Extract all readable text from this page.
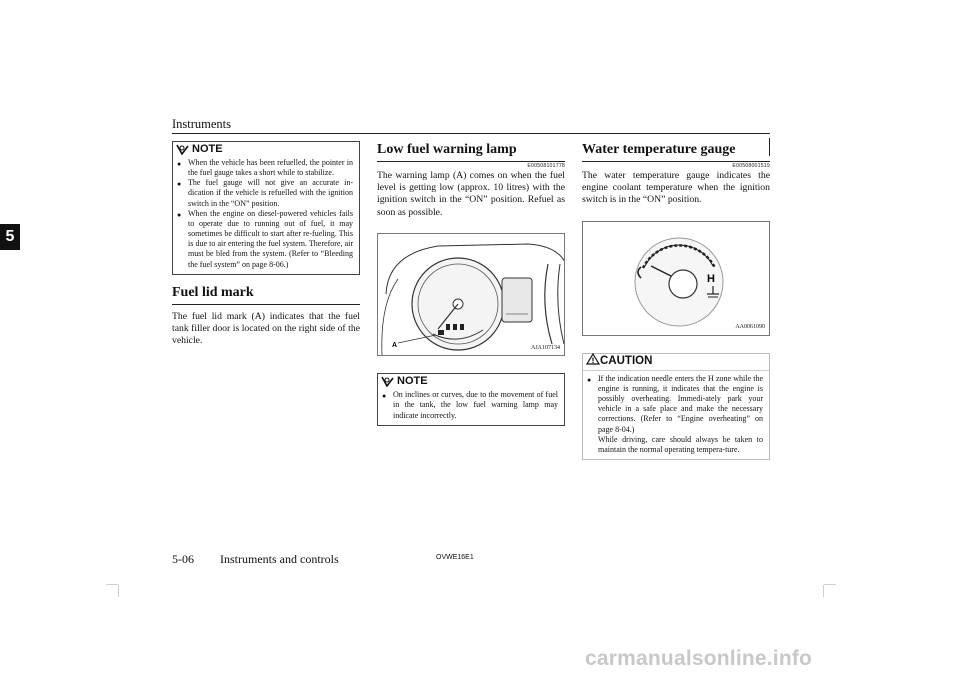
Instruments
5
NOTE
● When the vehicle has been refuelled, the pointer in the fuel gauge takes a short while to stabilize.
● The fuel gauge will not give an accurate in-dication if the vehicle is refuelled with the ignition switch in the “ON” position.
● When the engine on diesel-powered vehicles fails to operate due to running out of fuel, it may sometimes be difficult to start after re-fueling. This is due to air entering the fuel system. Therefore, air must be bled from the system. (Refer to “Bleeding the fuel system” on page 8-06.)
Fuel lid mark

The fuel lid mark (A) indicates that the fuel tank filler door is located on the right side of the vehicle.

Low fuel warning lamp
E00508101778

The warning lamp (A) comes on when the fuel level is getting low (approx. 10 litres) with the ignition switch in the “ON” position. Refuel as soon as possible.

A	AJA107134
NOTE
● On inclines or curves, due to the movement of fuel in the tank, the low fuel warning lamp may indicate incorrectly.
Water temperature gauge
E00508001519

The water temperature gauge indicates the engine coolant temperature when the ignition switch is in the “ON” position.

H
AA0061090
CAUTION
● If the indication needle enters the H zone while the engine is running, it indicates that the engine is possibly overheating. Immedi-ately park your vehicle in a safe place and make the necessary corrections. (Refer to “Engine overheating” on page 8-04.)
While driving, care should always be taken to maintain the normal operating tempera-ture.
5-06 Instruments and controls	OVWE16E1
carmanualsonline.info
